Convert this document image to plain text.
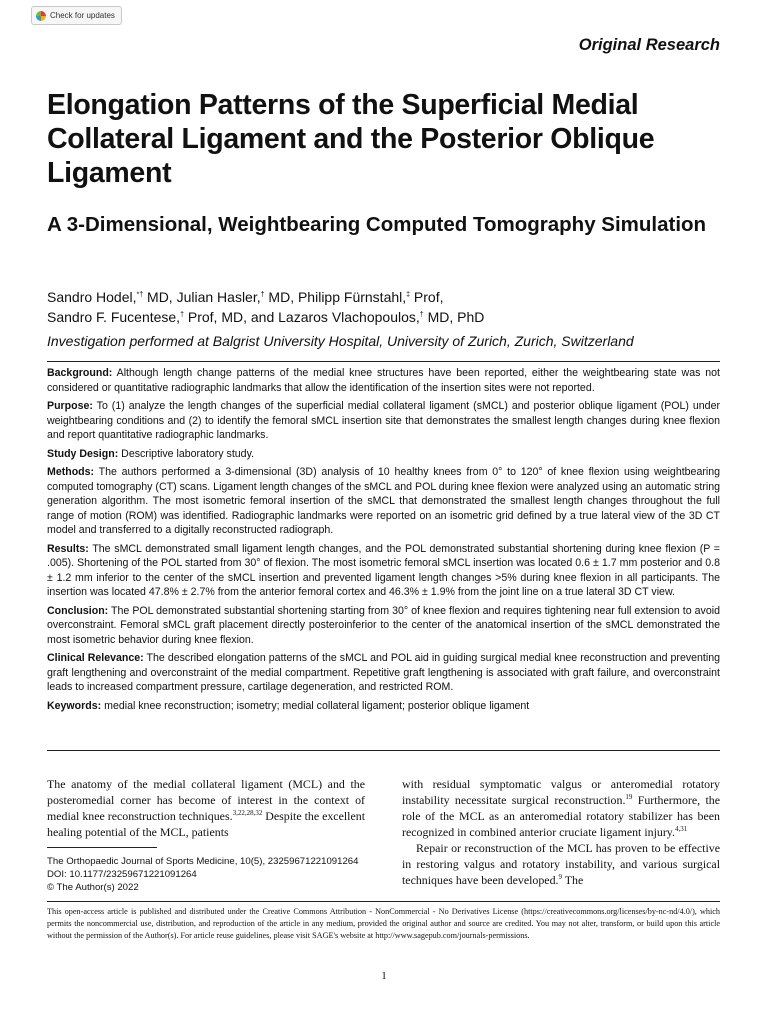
Check for updates
Original Research
Elongation Patterns of the Superficial Medial Collateral Ligament and the Posterior Oblique Ligament
A 3-Dimensional, Weightbearing Computed Tomography Simulation
Sandro Hodel,*† MD, Julian Hasler,† MD, Philipp Fürnstahl,‡ Prof,
Sandro F. Fucentese,† Prof, MD, and Lazaros Vlachopoulos,† MD, PhD
Investigation performed at Balgrist University Hospital, University of Zurich, Zurich, Switzerland

Background: Although length change patterns of the medial knee structures have been reported, either the weightbearing state was not considered or quantitative radiographic landmarks that allow the identification of the insertion sites were not reported.

Purpose: To (1) analyze the length changes of the superficial medial collateral ligament (sMCL) and posterior oblique ligament (POL) under weightbearing conditions and (2) to identify the femoral sMCL insertion site that demonstrates the smallest length changes during knee flexion and report quantitative radiographic landmarks.

Study Design: Descriptive laboratory study.

Methods: The authors performed a 3-dimensional (3D) analysis of 10 healthy knees from 0° to 120° of knee flexion using weightbearing computed tomography (CT) scans. Ligament length changes of the sMCL and POL during knee flexion were analyzed using an automatic string generation algorithm. The most isometric femoral insertion of the sMCL that demonstrated the smallest length changes throughout the full range of motion (ROM) was identified. Radiographic landmarks were reported on an isometric grid defined by a true lateral view of the 3D CT model and transferred to a digitally reconstructed radiograph.

Results: The sMCL demonstrated small ligament length changes, and the POL demonstrated substantial shortening during knee flexion (P = .005). Shortening of the POL started from 30° of flexion. The most isometric femoral sMCL insertion was located 0.6 ± 1.7 mm posterior and 0.8 ± 1.2 mm inferior to the center of the sMCL insertion and prevented ligament length changes >5% during knee flexion in all participants. The insertion was located 47.8% ± 2.7% from the anterior femoral cortex and 46.3% ± 1.9% from the joint line on a true lateral 3D CT view.

Conclusion: The POL demonstrated substantial shortening starting from 30° of knee flexion and requires tightening near full extension to avoid overconstraint. Femoral sMCL graft placement directly posteroinferior to the center of the anatomical insertion of the sMCL demonstrated the most isometric behavior during knee flexion.

Clinical Relevance: The described elongation patterns of the sMCL and POL aid in guiding surgical medial knee reconstruction and preventing graft lengthening and overconstraint of the medial compartment. Repetitive graft lengthening is associated with graft failure, and overconstraint leads to increased compartment pressure, cartilage degeneration, and restricted ROM.

Keywords: medial knee reconstruction; isometry; medial collateral ligament; posterior oblique ligament

The anatomy of the medial collateral ligament (MCL) and the posteromedial corner has become of interest in the context of medial knee reconstruction techniques.$^{3,22,28,32}$ Despite the excellent healing potential of the MCL, patients

The Orthopaedic Journal of Sports Medicine, 10(5), 23259671221091264
DOI: 10.1177/23259671221091264
© The Author(s) 2022

with residual symptomatic valgus or anteromedial rotatory instability necessitate surgical reconstruction.$^{19}$ Furthermore, the role of the MCL as an anteromedial rotatory stabilizer has been recognized in combined anterior cruciate ligament injury.$^{4,31}$

Repair or reconstruction of the MCL has proven to be effective in restoring valgus and rotatory instability, and various surgical techniques have been developed.$^9$ The

This open-access article is published and distributed under the Creative Commons Attribution - NonCommercial - No Derivatives License (https://creativecommons.org/licenses/by-nc-nd/4.0/), which permits the noncommercial use, distribution, and reproduction of the article in any medium, provided the original author and source are credited. You may not alter, transform, or build upon this article without the permission of the Author(s). For article reuse guidelines, please visit SAGE's website at http://www.sagepub.com/journals-permissions.
1
